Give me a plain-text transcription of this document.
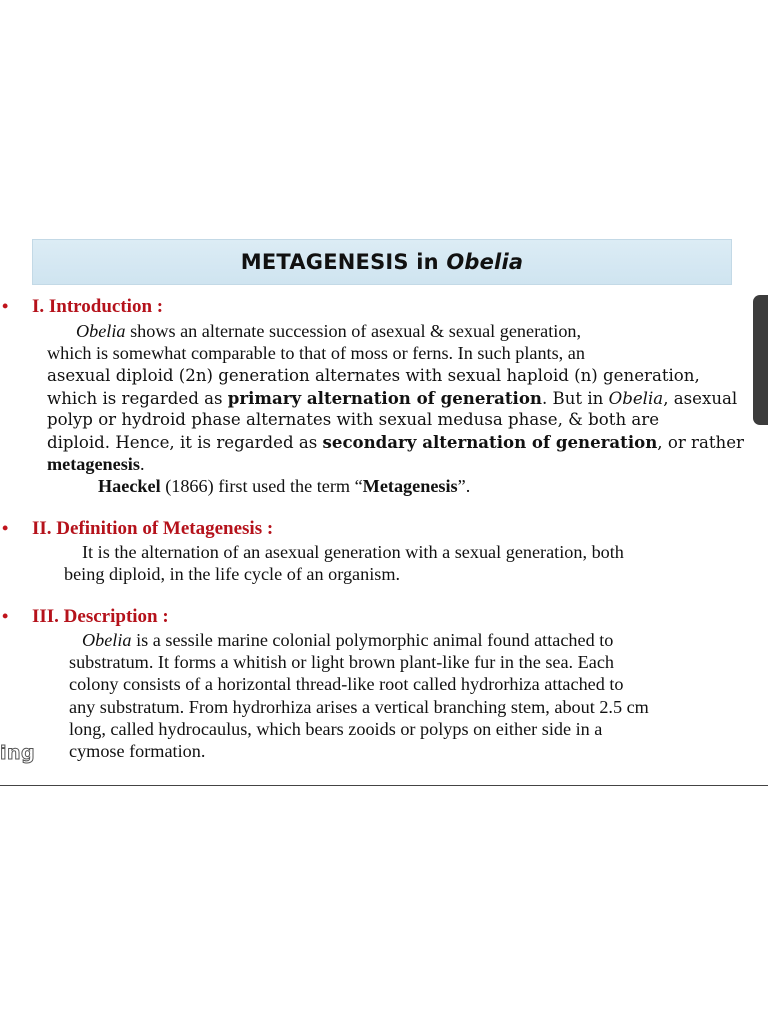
METAGENESIS in Obelia
• I. Introduction :
Obelia shows an alternate succession of asexual & sexual generation,
which is somewhat comparable to that of moss or ferns. In such plants, an
asexual diploid (2n) generation alternates with sexual haploid (n) generation,
which is regarded as primary alternation of generation. But in Obelia, asexual
polyp or hydroid phase alternates with sexual medusa phase, & both are
diploid. Hence, it is regarded as secondary alternation of generation, or rather
metagenesis.
Haeckel (1866) first used the term “Metagenesis”.
• II. Definition of Metagenesis :
It is the alternation of an asexual generation with a sexual generation, both
being diploid, in the life cycle of an organism.
• III. Description :
Obelia is a sessile marine colonial polymorphic animal found attached to
substratum. It forms a whitish or light brown plant-like fur in the sea. Each
colony consists of a horizontal thread-like root called hydrorhiza attached to
any substratum. From hydrorhiza arises a vertical branching stem, about 2.5 cm
long, called hydrocaulus, which bears zooids or polyps on either side in a
cymose formation.
ing
